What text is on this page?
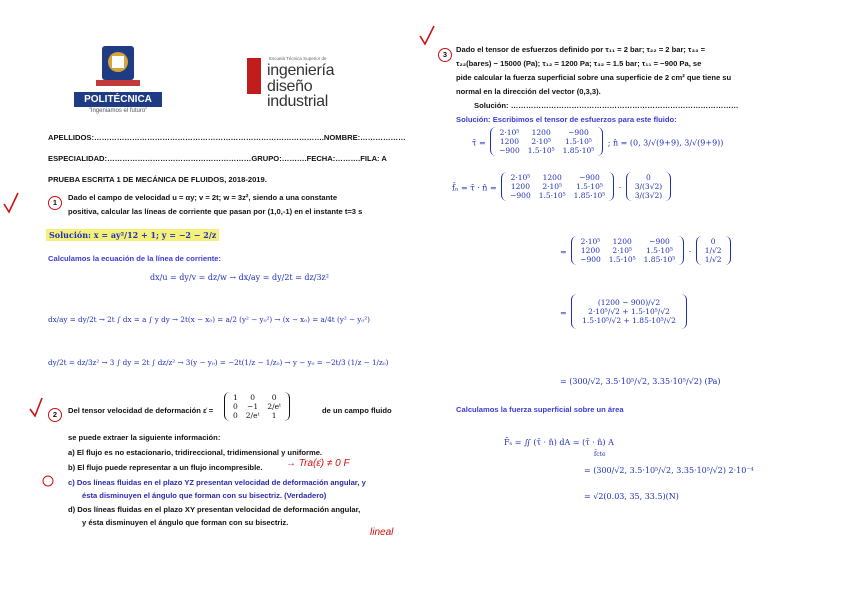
POLITÉCNICA
"Ingeniamos el futuro"
Escuela Técnica Superior de
ingeniería
diseño
industrial
APELLIDOS:……………………………………………………………………………….NOMBRE:………………
ESPECIALIDAD:…………………………………………………GRUPO:……….FECHA:……….FILA: A
PRUEBA ESCRITA 1 DE MECÁNICA DE FLUIDOS, 2018-2019.
1
Dado el campo de velocidad u = αy; v = 2t; w = 3z², siendo a una constante
positiva, calcular las líneas de corriente que pasan por (1,0,-1) en el instante t=3 s
Solución: x = ay²/12 + 1; y = −2 − 2/z
Calculamos la ecuación de la línea de corriente:
dx/u = dy/v = dz/w → dx/ay = dy/2t = dz/3z²
dx/ay = dy/2t → 2t ∫ dx = a ∫ y dy → 2t(x − x₀) = a/2 (y² − y₀²) → (x − x₀) = a/4t (y² − y₀²)
dy/2t = dz/3z² → 3 ∫ dy = 2t ∫ dz/z² → 3(y − y₀) = −2t(1/z − 1/z₀) → y − y₀ = −2t/3 (1/z − 1/z₀)
2	Del tensor velocidad de deformación ε̇ =
1	0	0
0	−1	2/eᵗ
0	2/eᵗ	1
de un campo fluido
se puede extraer la siguiente información:
a) El flujo es no estacionario, tridireccional, tridimensional y uniforme.
b) El flujo puede representar a un flujo incompresible. → Tra(ε̇) ≠ 0 F
c) Dos líneas fluidas en el plazo YZ presentan velocidad de deformación angular, y
ésta disminuyen el ángulo que forman con su bisectriz. (Verdadero)
d) Dos líneas fluidas en el plazo XY presentan velocidad de deformación angular,
y ésta disminuyen el ángulo que forman con su bisectriz.
lineal
3
Dado el tensor de esfuerzos definido por τ₁₁ = 2 bar; τ₂₂ = 2 bar; τ₃₃ =
τ₂₂(bares) − 15000 (Pa); τ₁₂ = 1200 Pa; τ₃₂ = 1.5 bar; τ₁₁ = −900 Pa, se
pide calcular la fuerza superficial sobre una superficie de 2 cm² que tiene su
normal en la dirección del vector (0,3,3).
Solución: ………………………………………………………………………………
Solución: Escribimos el tensor de esfuerzos para este fluido:
τ̄ =
2·10⁵	1200	−900
1200	2·10⁵	1.5·10⁵
−900	1.5·10⁵	1.85·10⁵
; n̂ = (0, 3/√(9+9), 3/√(9+9))
f̄ₙ = τ̄ · n̂ =
2·10⁵	1200	−900
1200	2·10⁵	1.5·10⁵
−900	1.5·10⁵	1.85·10⁵
·
0
3/(3√2)
3/(3√2)
=
2·10⁵	1200	−900
1200	2·10⁵	1.5·10⁵
−900	1.5·10⁵	1.85·10⁵
·
0
1/√2
1/√2
=
(1200 − 900)/√2
2·10⁵/√2 + 1.5·10⁵/√2
1.5·10⁵/√2 + 1.85·10⁵/√2
= (300/√2, 3.5·10⁵/√2, 3.35·10⁵/√2) (Pa)
Calculamos la fuerza superficial sobre un área
F̄ₛ = ∬ (τ̄ · n̂) dA = (τ̄ · n̂) A
f̄cte
= (300/√2, 3.5·10⁵/√2, 3.35·10⁵/√2) 2·10⁻⁴
= √2(0.03, 35, 33.5)(N)
